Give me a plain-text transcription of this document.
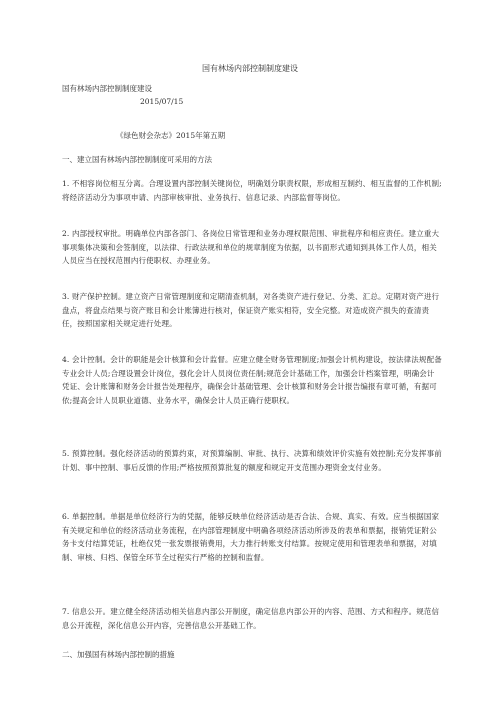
国有林场内部控制制度建设
国有林场内部控制制度建设
2015/07/15
《绿色财会杂志》2015年第五期
一、建立国有林场内部控制制度可采用的方法
1. 不相容岗位相互分离。合理设置内部控制关键岗位，明确划分职责权限，形成相互制约、相互监督的工作机制;将经济活动分为事项申请、内部审核审批、业务执行、信息记录、内部监督等岗位。
2. 内部授权审批。明确单位内部各部门、各岗位日常管理和业务办理权限范围、审批程序和相应责任。建立重大事项集体决策和会签制度，以法律、行政法规和单位的规章制度为依据，以书面形式通知到具体工作人员，相关人员应当在授权范围内行使职权、办理业务。
3. 财产保护控制。建立资产日常管理制度和定期清查机制，对各类资产进行登记、分类、汇总。定期对资产进行盘点，将盘点结果与资产账目和会计账簿进行核对，保证资产账实相符，安全完整。对造成资产损失的查清责任，按照国家相关规定进行处理。
4. 会计控制。会计的职能是会计核算和会计监督。应建立健全财务管理制度;加强会计机构建设，按法律法规配备专业会计人员;合理设置会计岗位，强化会计人员岗位责任制;规范会计基础工作，加强会计档案管理，明确会计凭证、会计账簿和财务会计报告处理程序，确保会计基础管理、会计核算和财务会计报告编报有章可循，有据可依;提高会计人员职业道德、业务水平，确保会计人员正确行使职权。
5. 预算控制。强化经济活动的预算约束，对预算编制、审批、执行、决算和绩效评价实施有效控制;充分发挥事前计划、事中控制、事后反馈的作用;严格按照预算批复的额度和规定开支范围办理资金支付业务。
6. 单据控制。单据是单位经济行为的凭据，能够反映单位经济活动是否合法、合规、真实、有效。应当根据国家有关规定和单位的经济活动业务流程，在内部管理制度中明确各项经济活动所涉及的表单和票据，报销凭证附公务卡支付结算凭证，杜绝仅凭一张发票报销费用，大力推行转账支付结算。按规定使用和管理表单和票据，对填制、审核、归档、保管全环节全过程实行严格的控制和监督。
7. 信息公开。建立健全经济活动相关信息内部公开制度，确定信息内部公开的内容、范围、方式和程序。规范信息公开流程，深化信息公开内容，完善信息公开基础工作。
二、加强国有林场内部控制的措施
